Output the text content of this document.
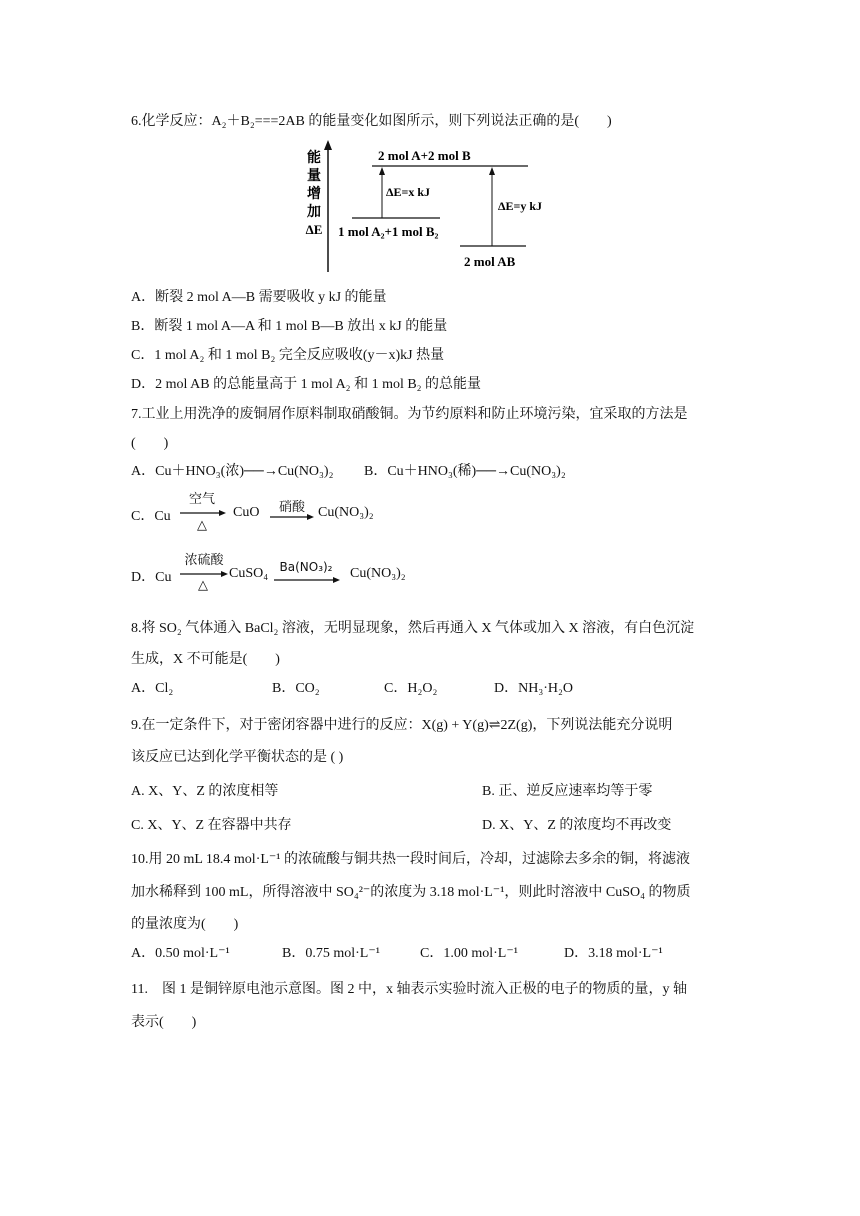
6.化学反应：A₂＋B₂===2AB 的能量变化如图所示，则下列说法正确的是(　　)
能
量
增
加
ΔE
2 mol A+2 mol B
1 mol A₂+1 mol B₂
2 mol AB
ΔE=x kJ
ΔE=y kJ
A．断裂 2 mol A—B 需要吸收 y kJ 的能量
B．断裂 1 mol A—A 和 1 mol B—B 放出 x kJ 的能量
C．1 mol A₂ 和 1 mol B₂ 完全反应吸收(y－x)kJ 热量
D．2 mol AB 的总能量高于 1 mol A₂ 和 1 mol B₂ 的总能量
7.工业上用洗净的废铜屑作原料制取硝酸铜。为节约原料和防止环境污染，宜采取的方法是
(　　)
A．Cu＋HNO₃(浓)──→Cu(NO₃)₂ B．Cu＋HNO₃(稀)──→Cu(NO₃)₂
C．Cu
空气
△
CuO	硝酸 Cu(NO₃)₂
D．Cu
浓硫酸
△
CuSO₄ Ba(NO₃)₂	Cu(NO₃)₂
8.将 SO₂ 气体通入 BaCl₂ 溶液，无明显现象，然后再通入 X 气体或加入 X 溶液，有白色沉淀
生成，X 不可能是(　　)
A．Cl₂	B．CO₂	C．H₂O₂	D．NH₃·H₂O
9.在一定条件下，对于密闭容器中进行的反应：X(g) + Y(g)⇌2Z(g)，下列说法能充分说明
该反应已达到化学平衡状态的是 ( )
A. X、Y、Z 的浓度相等	B. 正、逆反应速率均等于零
C. X、Y、Z 在容器中共存	D. X、Y、Z 的浓度均不再改变
10.用 20 mL 18.4 mol·L⁻¹ 的浓硫酸与铜共热一段时间后，冷却，过滤除去多余的铜，将滤液
加水稀释到 100 mL，所得溶液中 SO₄²⁻的浓度为 3.18 mol·L⁻¹，则此时溶液中 CuSO₄ 的物质
的量浓度为(　　)
A．0.50 mol·L⁻¹	B．0.75 mol·L⁻¹	C．1.00 mol·L⁻¹	D．3.18 mol·L⁻¹
11.　图 1 是铜锌原电池示意图。图 2 中，x 轴表示实验时流入正极的电子的物质的量，y 轴
表示(　　)
